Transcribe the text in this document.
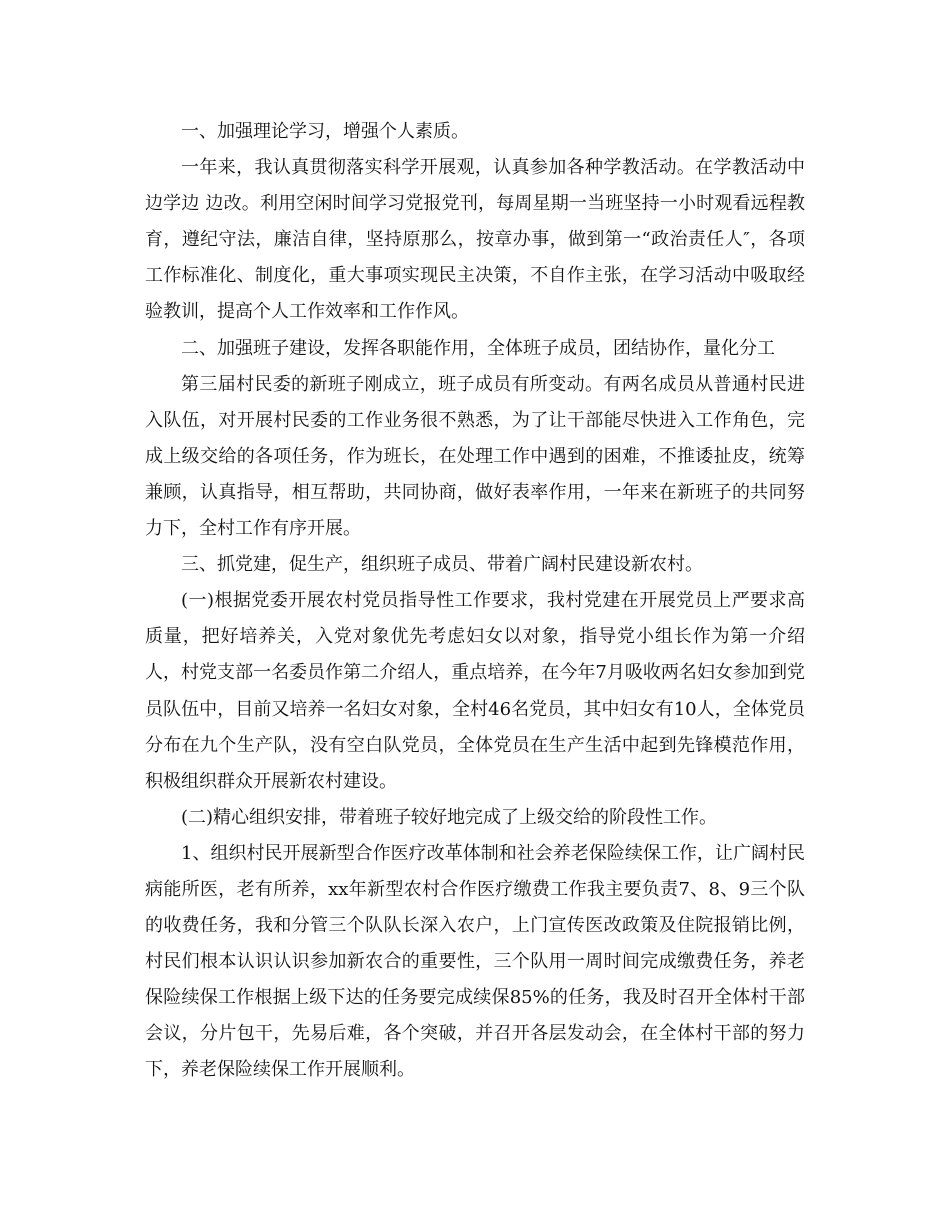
一、加强理论学习，增强个人素质。

一年来，我认真贯彻落实科学开展观，认真参加各种学教活动。在学教活动中边学边 边改。利用空闲时间学习党报党刊，每周星期一当班坚持一小时观看远程教育，遵纪守法，廉洁自律，坚持原那么，按章办事，做到第一“政治责任人″，各项工作标准化、制度化，重大事项实现民主决策，不自作主张，在学习活动中吸取经验教训，提高个人工作效率和工作作风。

二、加强班子建设，发挥各职能作用，全体班子成员，团结协作，量化分工

第三届村民委的新班子刚成立，班子成员有所变动。有两名成员从普通村民进入队伍，对开展村民委的工作业务很不熟悉，为了让干部能尽快进入工作角色，完成上级交给的各项任务，作为班长，在处理工作中遇到的困难，不推诿扯皮，统筹兼顾，认真指导，相互帮助，共同协商，做好表率作用，一年来在新班子的共同努力下，全村工作有序开展。

三、抓党建，促生产，组织班子成员、带着广阔村民建设新农村。

(一)根据党委开展农村党员指导性工作要求，我村党建在开展党员上严要求高质量，把好培养关，入党对象优先考虑妇女以对象，指导党小组长作为第一介绍人，村党支部一名委员作第二介绍人，重点培养，在今年7月吸收两名妇女参加到党员队伍中，目前又培养一名妇女对象，全村46名党员，其中妇女有10人，全体党员分布在九个生产队，没有空白队党员，全体党员在生产生活中起到先锋模范作用，积极组织群众开展新农村建设。

(二)精心组织安排，带着班子较好地完成了上级交给的阶段性工作。

1、组织村民开展新型合作医疗改革体制和社会养老保险续保工作，让广阔村民病能所医，老有所养，xx年新型农村合作医疗缴费工作我主要负责7、8、9三个队的收费任务，我和分管三个队队长深入农户，上门宣传医改政策及住院报销比例，村民们根本认识认识参加新农合的重要性，三个队用一周时间完成缴费任务，养老保险续保工作根据上级下达的任务要完成续保85%的任务，我及时召开全体村干部会议，分片包干，先易后难，各个突破，并召开各层发动会，在全体村干部的努力下，养老保险续保工作开展顺利。
